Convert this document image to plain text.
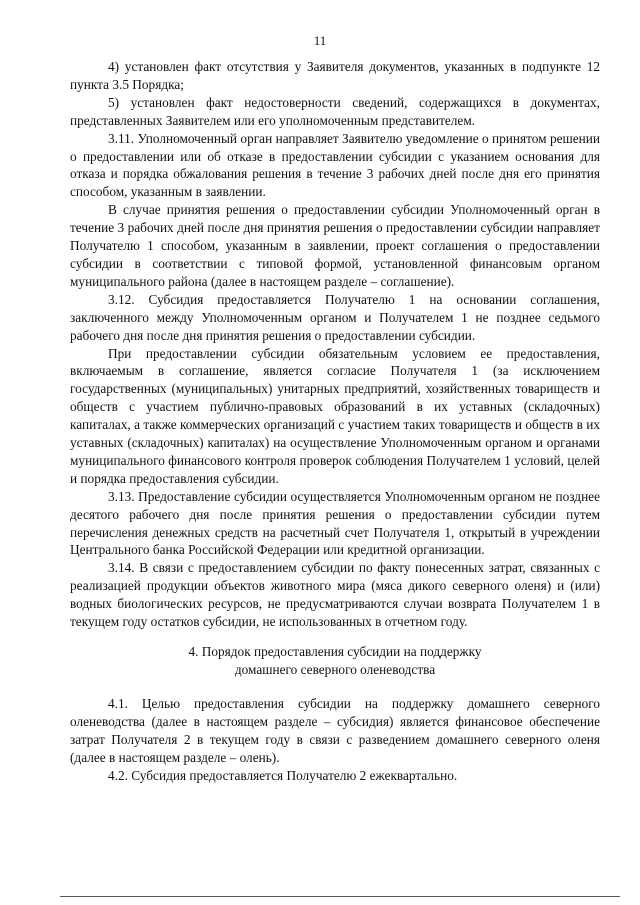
11

4) установлен факт отсутствия у Заявителя документов, указанных в подпункте 12 пункта 3.5 Порядка;

5) установлен факт недостоверности сведений, содержащихся в документах, представленных Заявителем или его уполномоченным представителем.

3.11. Уполномоченный орган направляет Заявителю уведомление о принятом решении о предоставлении или об отказе в предоставлении субсидии с указанием основания для отказа и порядка обжалования решения в течение 3 рабочих дней после дня его принятия способом, указанным в заявлении.

В случае принятия решения о предоставлении субсидии Уполномоченный орган в течение 3 рабочих дней после дня принятия решения о предоставлении субсидии направляет Получателю 1 способом, указанным в заявлении, проект соглашения о предоставлении субсидии в соответствии с типовой формой, установленной финансовым органом муниципального района (далее в настоящем разделе – соглашение).

3.12. Субсидия предоставляется Получателю 1 на основании соглашения, заключенного между Уполномоченным органом и Получателем 1 не позднее седьмого рабочего дня после дня принятия решения о предоставлении субсидии.

При предоставлении субсидии обязательным условием ее предоставления, включаемым в соглашение, является согласие Получателя 1 (за исключением государственных (муниципальных) унитарных предприятий, хозяйственных товариществ и обществ с участием публично-правовых образований в их уставных (складочных) капиталах, а также коммерческих организаций с участием таких товариществ и обществ в их уставных (складочных) капиталах) на осуществление Уполномоченным органом и органами муниципального финансового контроля проверок соблюдения Получателем 1 условий, целей и порядка предоставления субсидии.

3.13. Предоставление субсидии осуществляется Уполномоченным органом не позднее десятого рабочего дня после принятия решения о предоставлении субсидии путем перечисления денежных средств на расчетный счет Получателя 1, открытый в учреждении Центрального банка Российской Федерации или кредитной организации.

3.14. В связи с предоставлением субсидии по факту понесенных затрат, связанных с реализацией продукции объектов животного мира (мяса дикого северного оленя) и (или) водных биологических ресурсов, не предусматриваются случаи возврата Получателем 1 в текущем году остатков субсидии, не использованных в отчетном году.

4. Порядок предоставления субсидии на поддержку
домашнего северного оленеводства

4.1. Целью предоставления субсидии на поддержку домашнего северного оленеводства (далее в настоящем разделе – субсидия) является финансовое обеспечение затрат Получателя 2 в текущем году в связи с разведением домашнего северного оленя (далее в настоящем разделе – олень).

4.2. Субсидия предоставляется Получателю 2 ежеквартально.
